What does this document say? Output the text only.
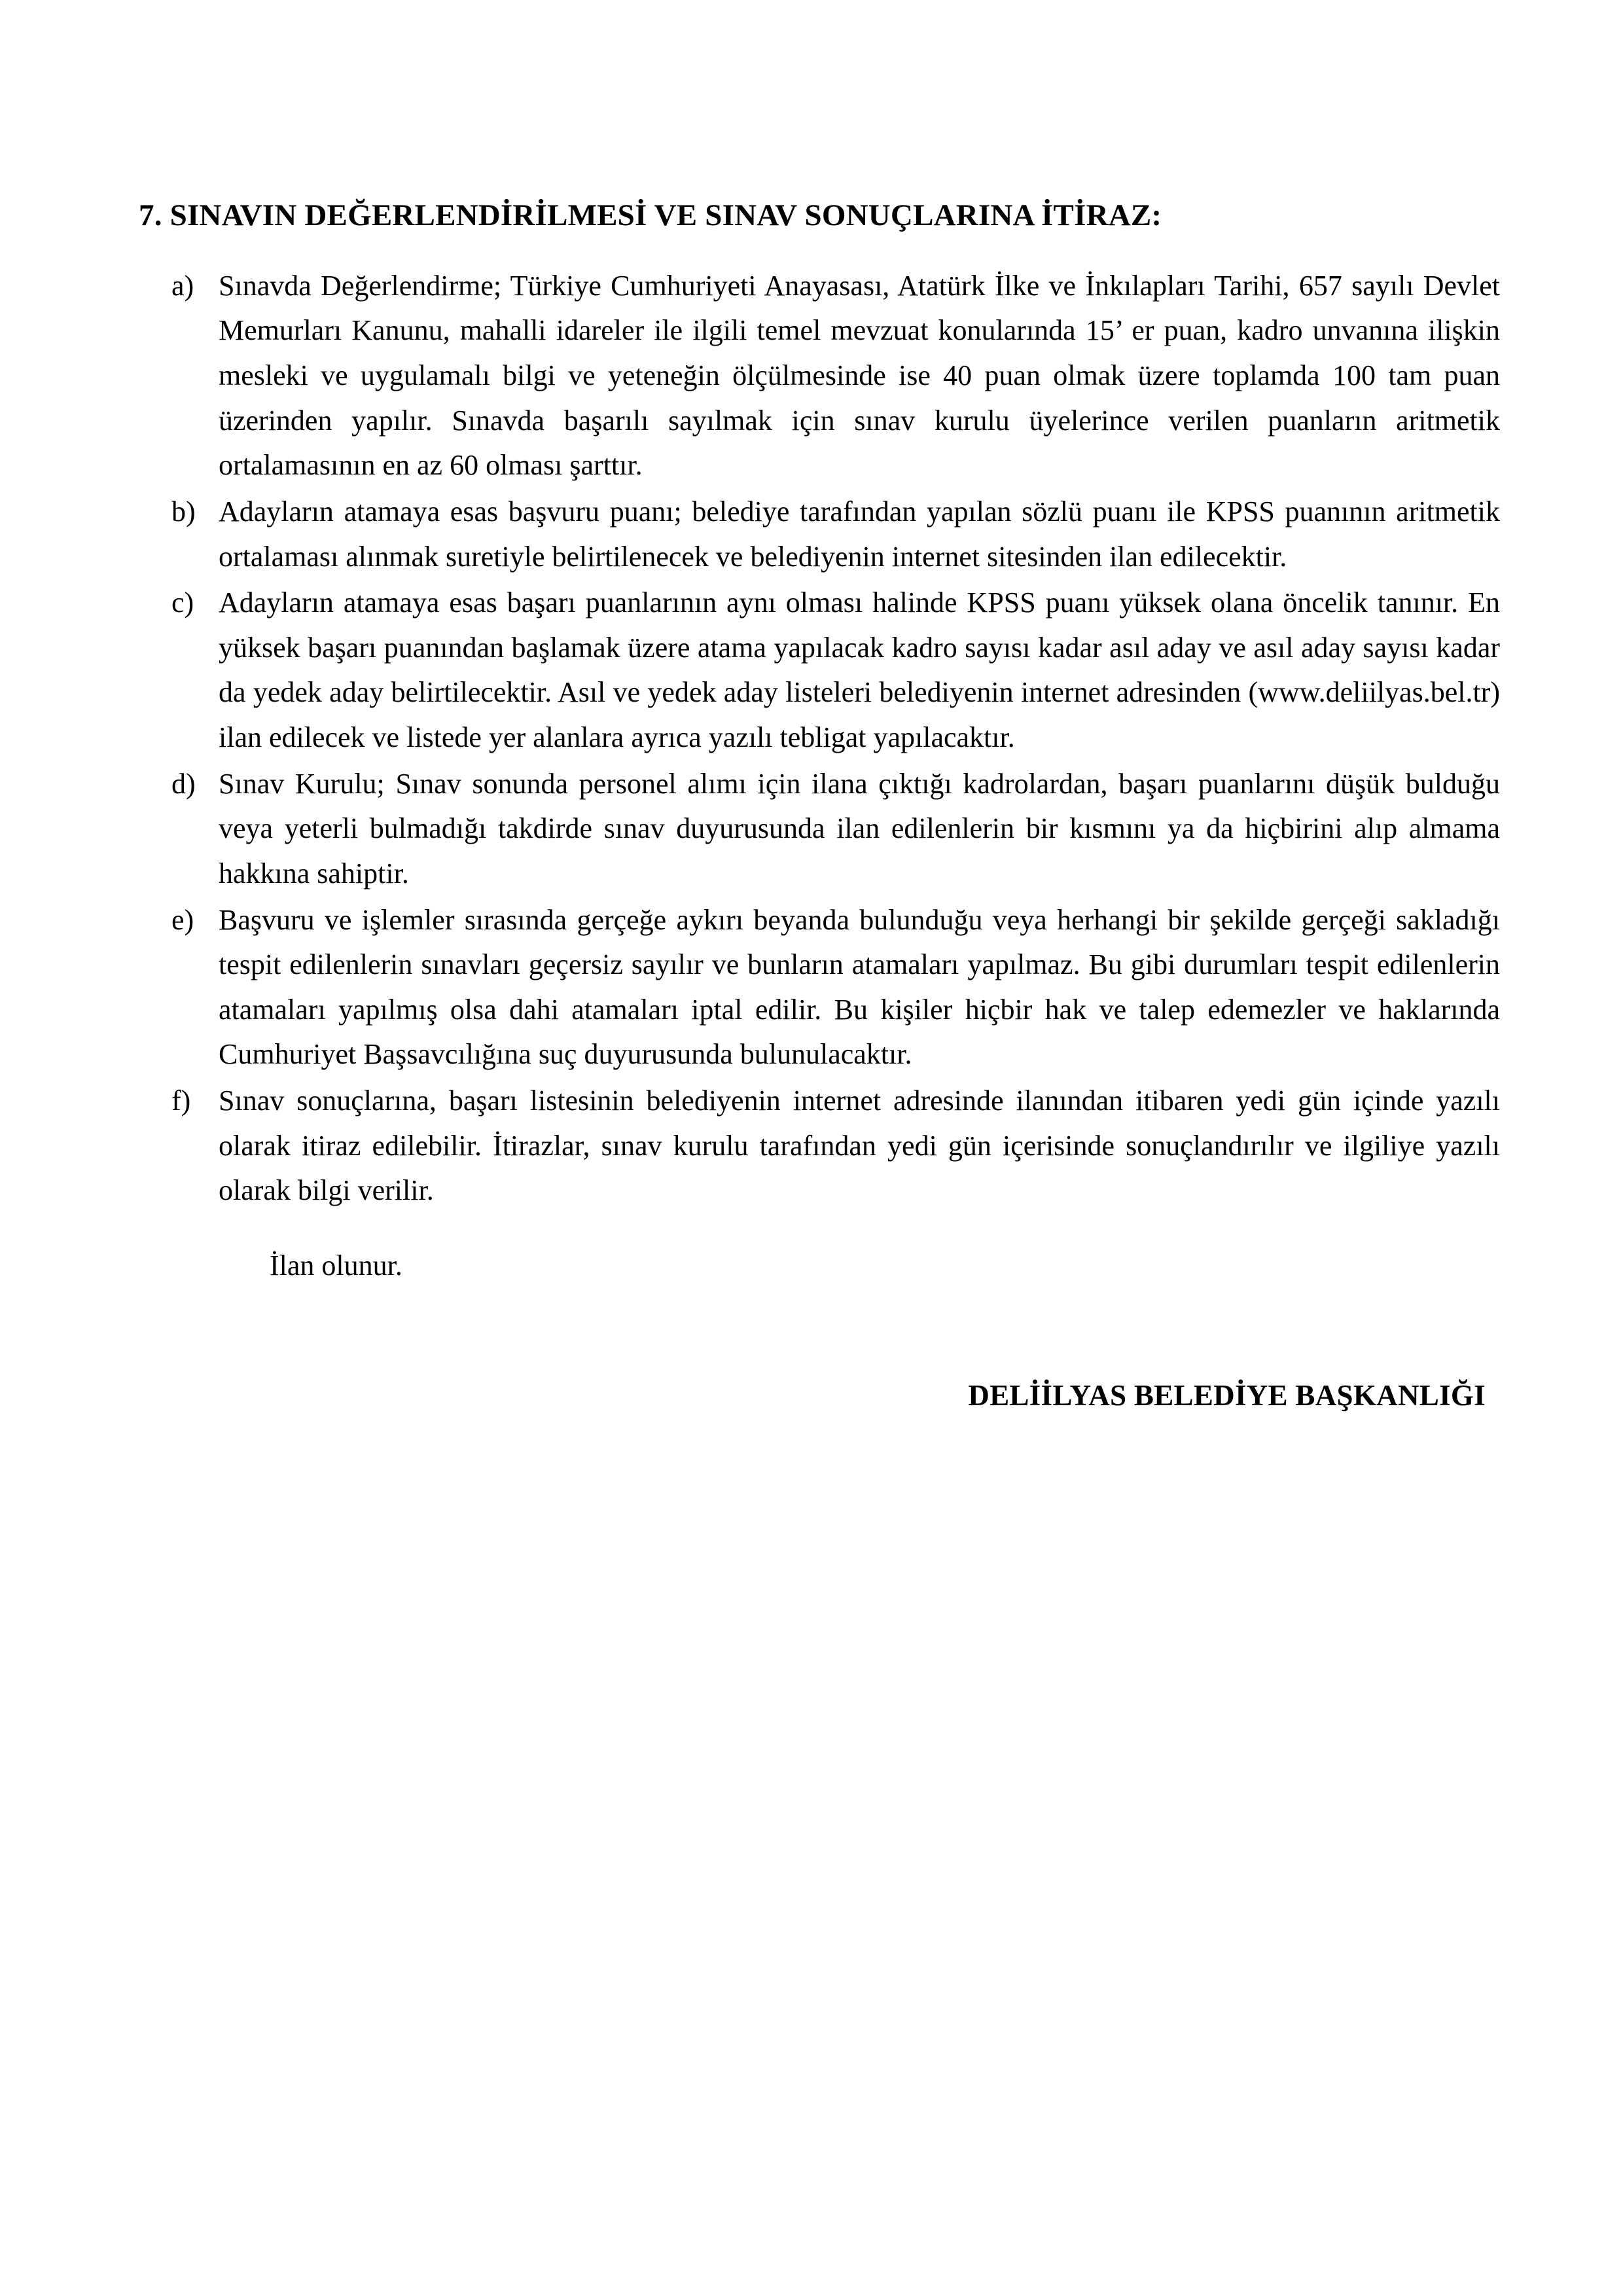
7. SINAVIN DEĞERLENDİRİLMESİ VE SINAV SONUÇLARINA İTİRAZ:
a) Sınavda Değerlendirme; Türkiye Cumhuriyeti Anayasası, Atatürk İlke ve İnkılapları Tarihi, 657 sayılı Devlet Memurları Kanunu, mahalli idareler ile ilgili temel mevzuat konularında 15’ er puan, kadro unvanına ilişkin mesleki ve uygulamalı bilgi ve yeteneğin ölçülmesinde ise 40 puan olmak üzere toplamda 100 tam puan üzerinden yapılır. Sınavda başarılı sayılmak için sınav kurulu üyelerince verilen puanların aritmetik ortalamasının en az 60 olması şarttır.
b) Adayların atamaya esas başvuru puanı; belediye tarafından yapılan sözlü puanı ile KPSS puanının aritmetik ortalaması alınmak suretiyle belirtilenecek ve belediyenin internet sitesinden ilan edilecektir.
c) Adayların atamaya esas başarı puanlarının aynı olması halinde KPSS puanı yüksek olana öncelik tanınır. En yüksek başarı puanından başlamak üzere atama yapılacak kadro sayısı kadar asıl aday ve asıl aday sayısı kadar da yedek aday belirtilecektir. Asıl ve yedek aday listeleri belediyenin internet adresinden (www.deliilyas.bel.tr) ilan edilecek ve listede yer alanlara ayrıca yazılı tebligat yapılacaktır.
d) Sınav Kurulu; Sınav sonunda personel alımı için ilana çıktığı kadrolardan, başarı puanlarını düşük bulduğu veya yeterli bulmadığı takdirde sınav duyurusunda ilan edilenlerin bir kısmını ya da hiçbirini alıp almama hakkına sahiptir.
e) Başvuru ve işlemler sırasında gerçeğe aykırı beyanda bulunduğu veya herhangi bir şekilde gerçeği sakladığı tespit edilenlerin sınavları geçersiz sayılır ve bunların atamaları yapılmaz. Bu gibi durumları tespit edilenlerin atamaları yapılmış olsa dahi atamaları iptal edilir. Bu kişiler hiçbir hak ve talep edemezler ve haklarında Cumhuriyet Başsavcılığına suç duyurusunda bulunulacaktır.
f) Sınav sonuçlarına, başarı listesinin belediyenin internet adresinde ilanından itibaren yedi gün içinde yazılı olarak itiraz edilebilir. İtirazlar, sınav kurulu tarafından yedi gün içerisinde sonuçlandırılır ve ilgiliye yazılı olarak bilgi verilir.

İlan olunur.

DELİİLYAS BELEDİYE BAŞKANLIĞI
